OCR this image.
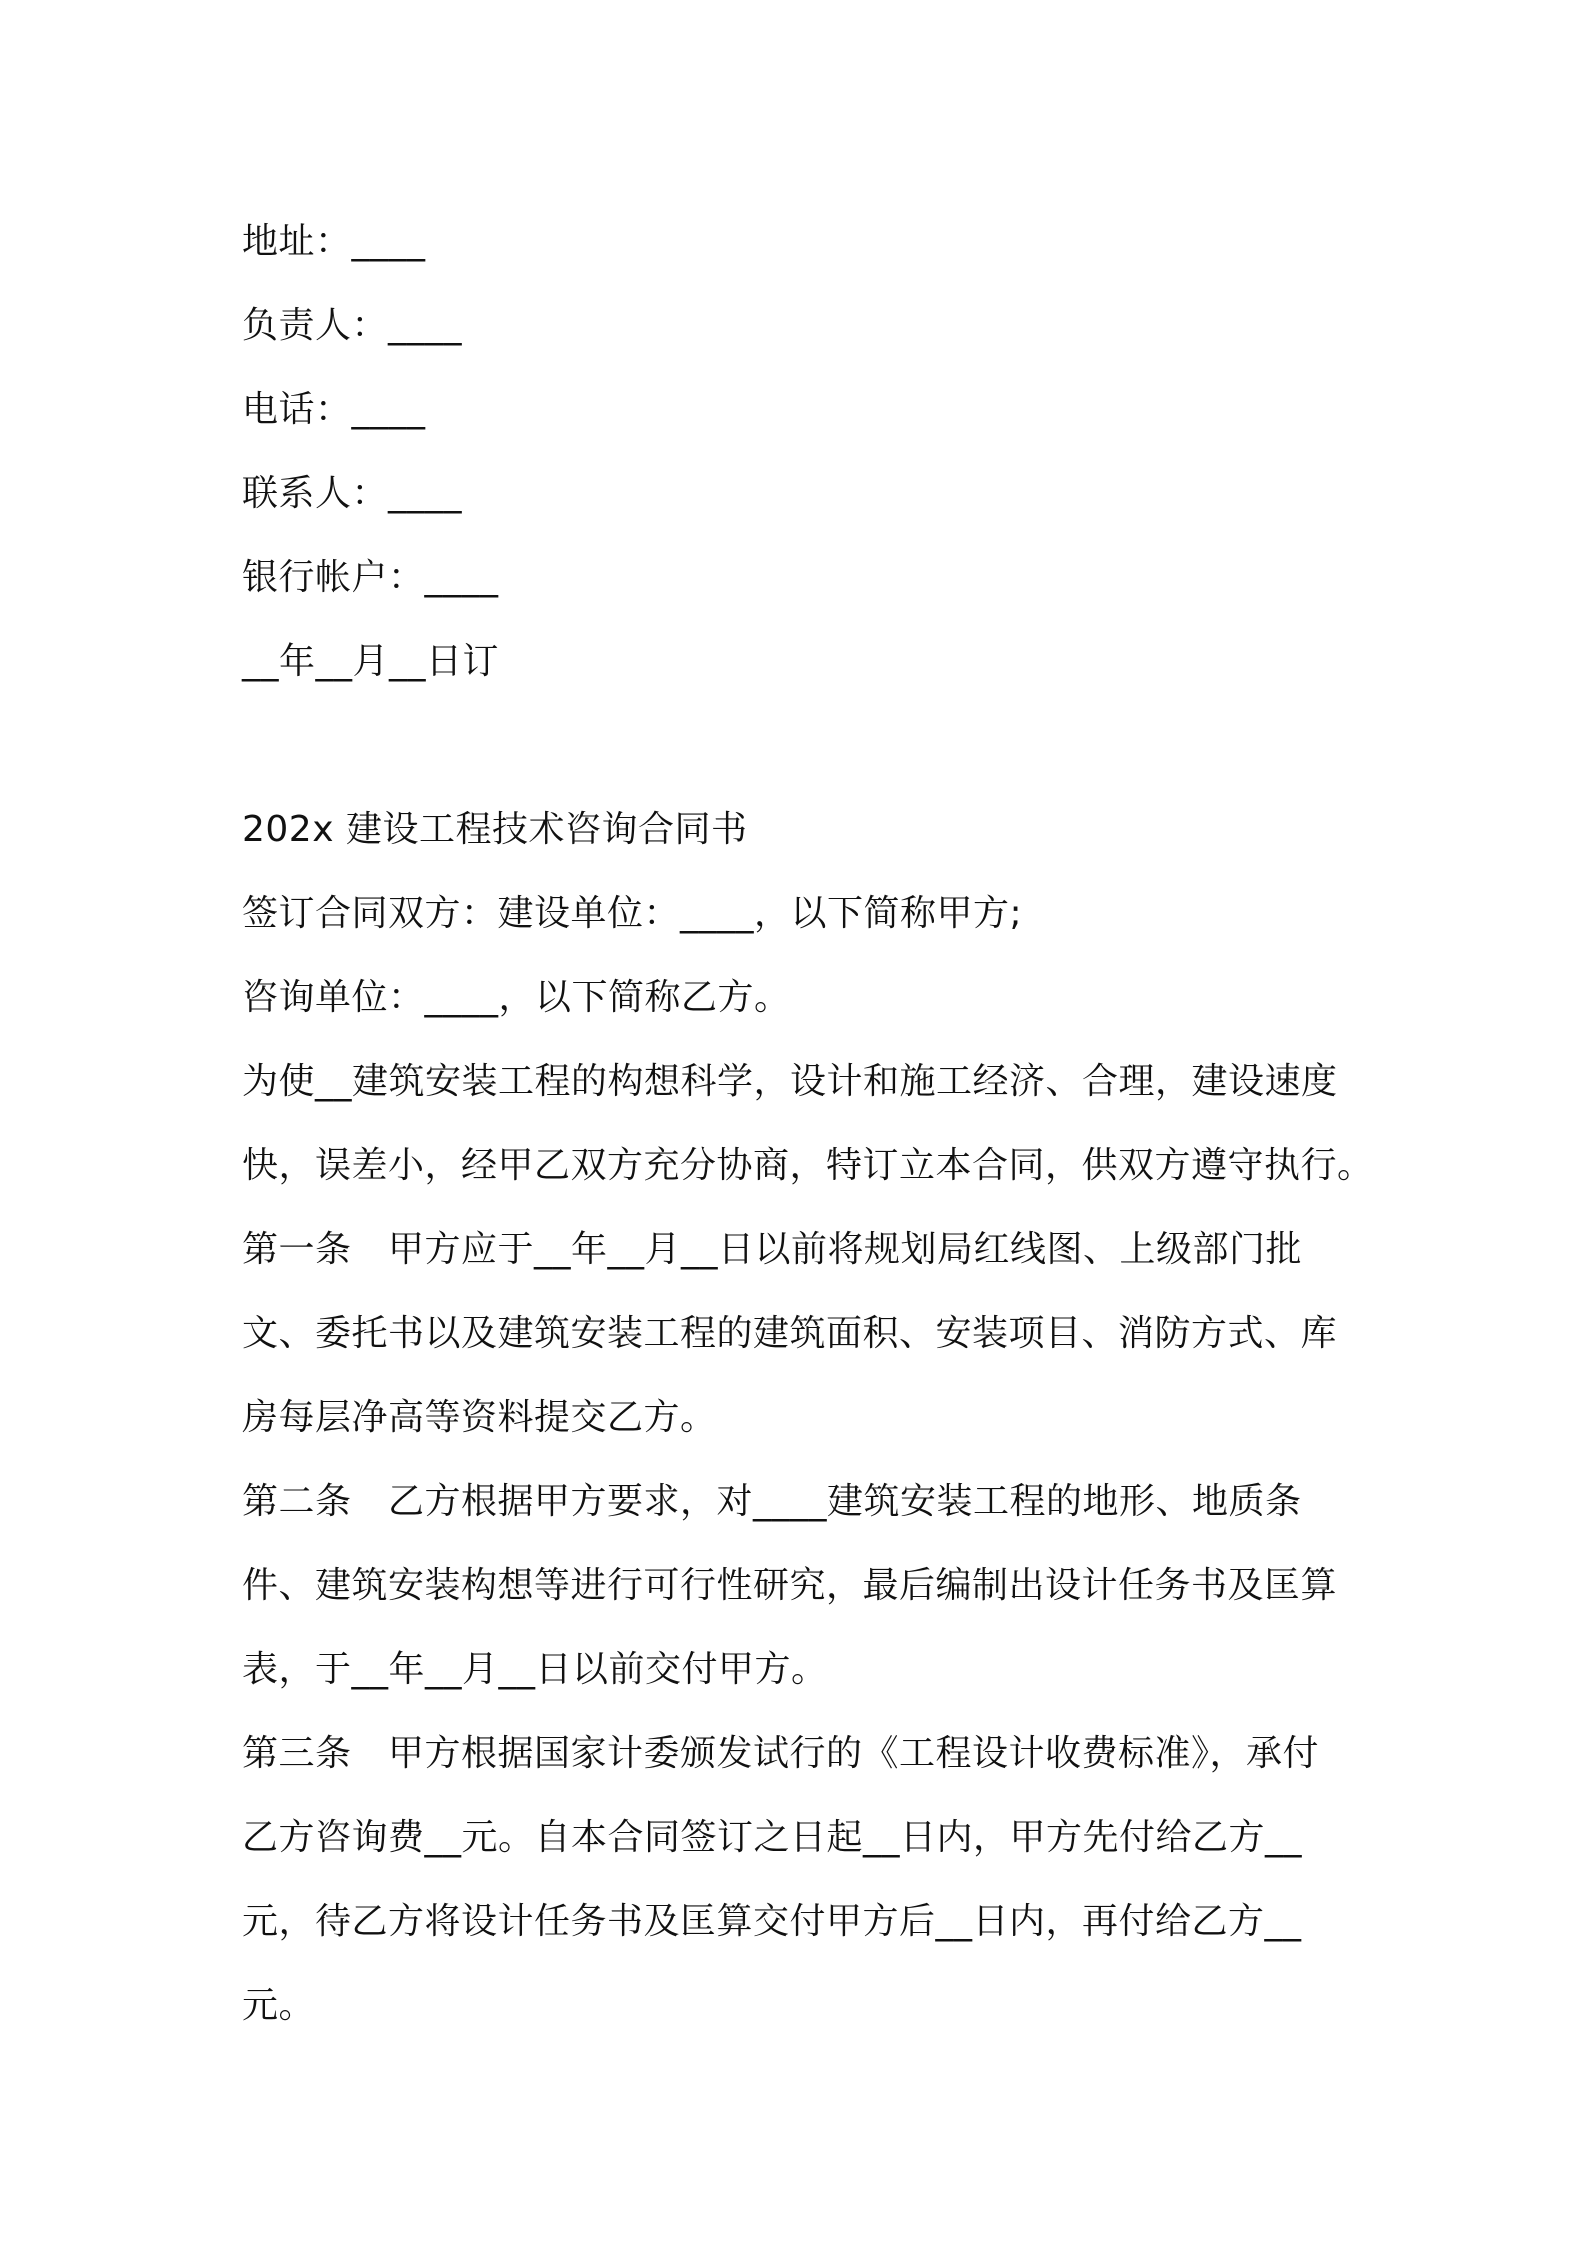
地址：____
负责人：____
电话：____
联系人：____
银行帐户：____
__年__月__日订
202x 建设工程技术咨询合同书
签订合同双方：建设单位：____，以下简称甲方;
咨询单位：____，以下简称乙方。
为使__建筑安装工程的构想科学，设计和施工经济、合理，建设速度
快，误差小，经甲乙双方充分协商，特订立本合同，供双方遵守执行。
第一条　甲方应于__年__月__日以前将规划局红线图、上级部门批
文、委托书以及建筑安装工程的建筑面积、安装项目、消防方式、库
房每层净高等资料提交乙方。
第二条　乙方根据甲方要求，对____建筑安装工程的地形、地质条
件、建筑安装构想等进行可行性研究，最后编制出设计任务书及匡算
表，于__年__月__日以前交付甲方。
第三条　甲方根据国家计委颁发试行的《工程设计收费标准》，承付
乙方咨询费__元。自本合同签订之日起__日内，甲方先付给乙方__
元，待乙方将设计任务书及匡算交付甲方后__日内，再付给乙方__
元。
